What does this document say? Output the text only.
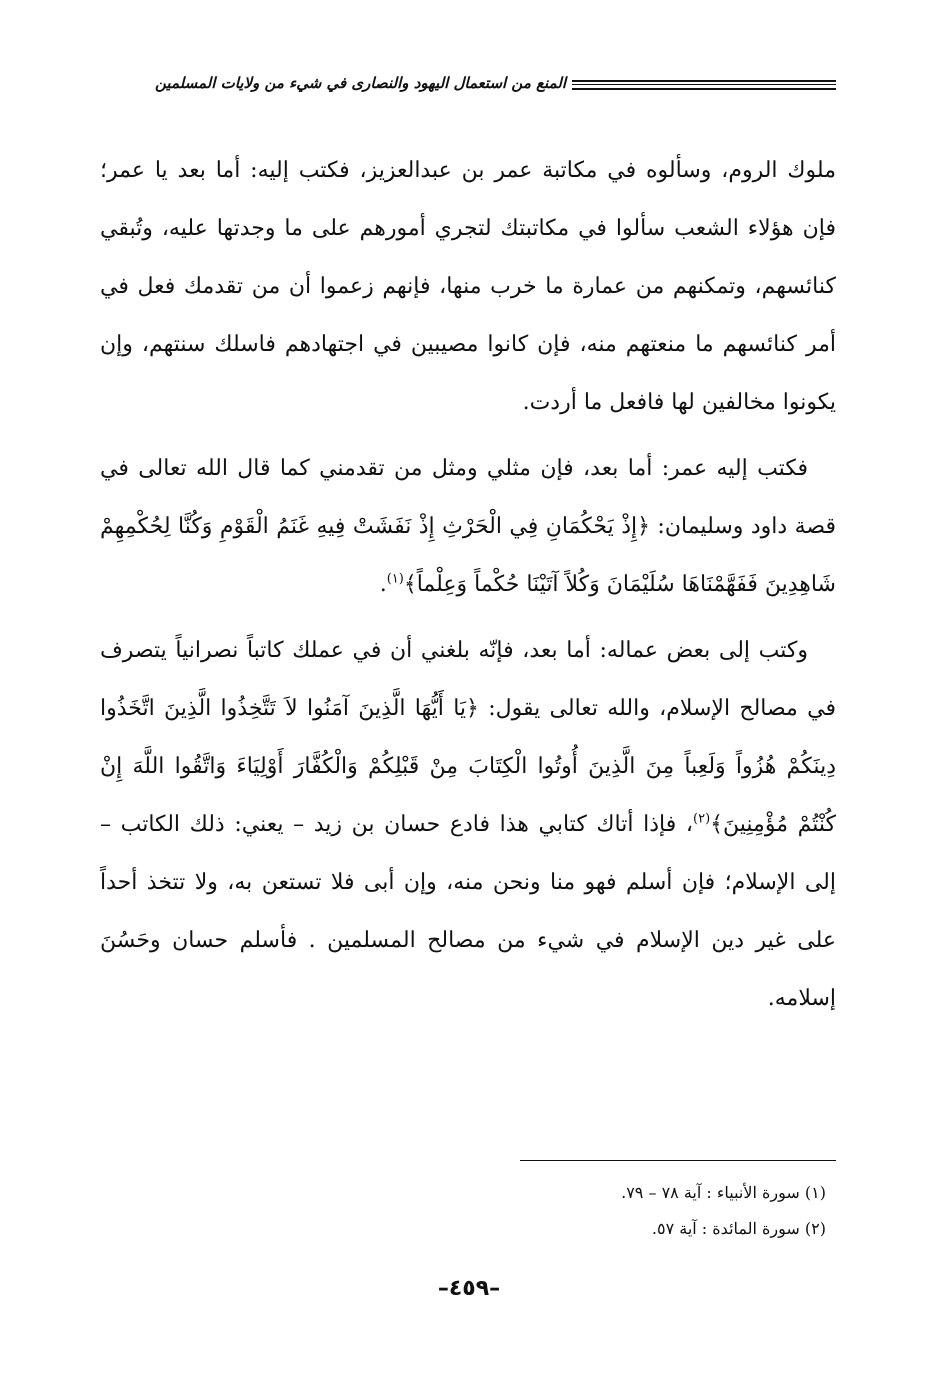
المنع من استعمال اليهود والنصارى في شيء من ولايات المسلمين

ملوك الروم، وسألوه في مكاتبة عمر بن عبدالعزيز، فكتب إليه: أما بعد يا عمر؛ فإن هؤلاء الشعب سألوا في مكاتبتك لتجري أمورهم على ما وجدتها عليه، وتُبقي كنائسهم، وتمكنهم من عمارة ما خرب منها، فإنهم زعموا أن من تقدمك فعل في أمر كنائسهم ما منعتهم منه، فإن كانوا مصيبين في اجتهادهم فاسلك سنتهم، وإن يكونوا مخالفين لها فافعل ما أردت.

فكتب إليه عمر: أما بعد، فإن مثلي ومثل من تقدمني كما قال الله تعالى في قصة داود وسليمان: ﴿إِذْ يَحْكُمَانِ فِي الْحَرْثِ إِذْ نَفَشَتْ فِيهِ غَنَمُ الْقَوْمِ وَكُنَّا لِحُكْمِهِمْ شَاهِدِينَ فَفَهَّمْنَاهَا سُلَيْمَانَ وَكُلاً آتَيْنَا حُكْماً وَعِلْماً﴾$^{(١)}$.

وكتب إلى بعض عماله: أما بعد، فإنّه بلغني أن في عملك كاتباً نصرانياً يتصرف في مصالح الإسلام، والله تعالى يقول: ﴿يَا أَيُّهَا الَّذِينَ آمَنُوا لاَ تَتَّخِذُوا الَّذِينَ اتَّخَذُوا دِينَكُمْ هُزُواً وَلَعِباً مِنَ الَّذِينَ أُوتُوا الْكِتَابَ مِنْ قَبْلِكُمْ وَالْكُفَّارَ أَوْلِيَاءَ وَاتَّقُوا اللَّهَ إِنْ كُنْتُمْ مُؤْمِنِينَ﴾$^{(٢)}$، فإذا أتاك كتابي هذا فادع حسان بن زيد – يعني: ذلك الكاتب – إلى الإسلام؛ فإن أسلم فهو منا ونحن منه، وإن أبى فلا تستعن به، ولا تتخذ أحداً على غير دين الإسلام في شيء من مصالح المسلمين . فأسلم حسان وحَسُنَ إسلامه.

(١) سورة الأنبياء : آية ٧٨ – ٧٩.
(٢) سورة المائدة : آية ٥٧.
–٤٥٩–
